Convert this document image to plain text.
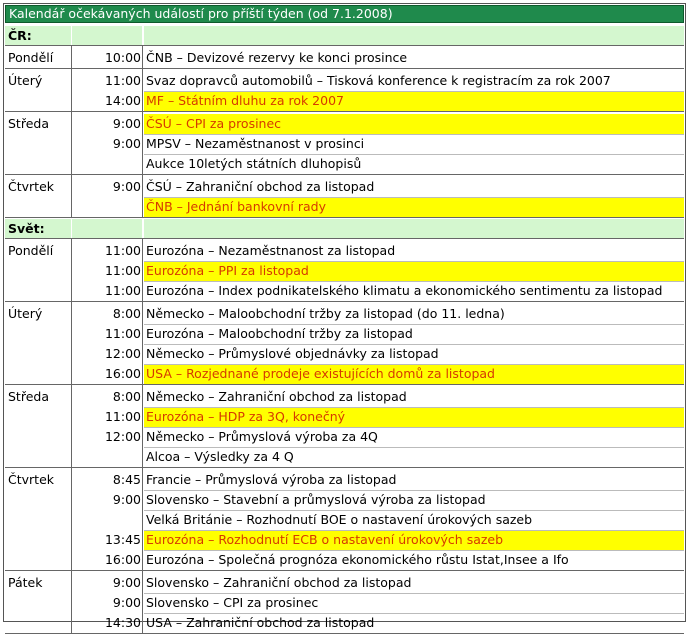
Kalendář očekávaných událostí pro příští týden (od 7.1.2008)
ČR:
Pondělí	10:00 ČNB – Devizové rezervy ke konci prosince
Úterý	11:00 Svaz dopravců automobilů – Tisková konference k registracím za rok 2007
14:00 MF – Státním dluhu za rok 2007
Středa	9:00 ČSÚ – CPI za prosinec
9:00 MPSV – Nezaměstnanost v prosinci
Aukce 10letých státních dluhopisů
Čtvrtek	9:00 ČSÚ – Zahraniční obchod za listopad
ČNB – Jednání bankovní rady
Svět:
Pondělí	11:00 Eurozóna – Nezaměstnanost za listopad
11:00 Eurozóna – PPI za listopad
11:00 Eurozóna – Index podnikatelského klimatu a ekonomického sentimentu za listopad
Úterý	8:00 Německo – Maloobchodní tržby za listopad (do 11. ledna)
11:00 Eurozóna – Maloobchodní tržby za listopad
12:00 Německo – Průmyslové objednávky za listopad
16:00 USA – Rozjednané prodeje existujících domů za listopad
Středa	8:00 Německo – Zahraniční obchod za listopad
11:00 Eurozóna – HDP za 3Q, konečný
12:00 Německo – Průmyslová výroba za 4Q
Alcoa – Výsledky za 4 Q
Čtvrtek	8:45 Francie – Průmyslová výroba za listopad
9:00 Slovensko – Stavební a průmyslová výroba za listopad
Velká Británie – Rozhodnutí BOE o nastavení úrokových sazeb
13:45 Eurozóna – Rozhodnutí ECB o nastavení úrokových sazeb
16:00 Eurozóna – Společná prognóza ekonomického růstu Istat,Insee a Ifo
Pátek	9:00 Slovensko – Zahraniční obchod za listopad
9:00 Slovensko – CPI za prosinec
14:30 USA – Zahraniční obchod za listopad
